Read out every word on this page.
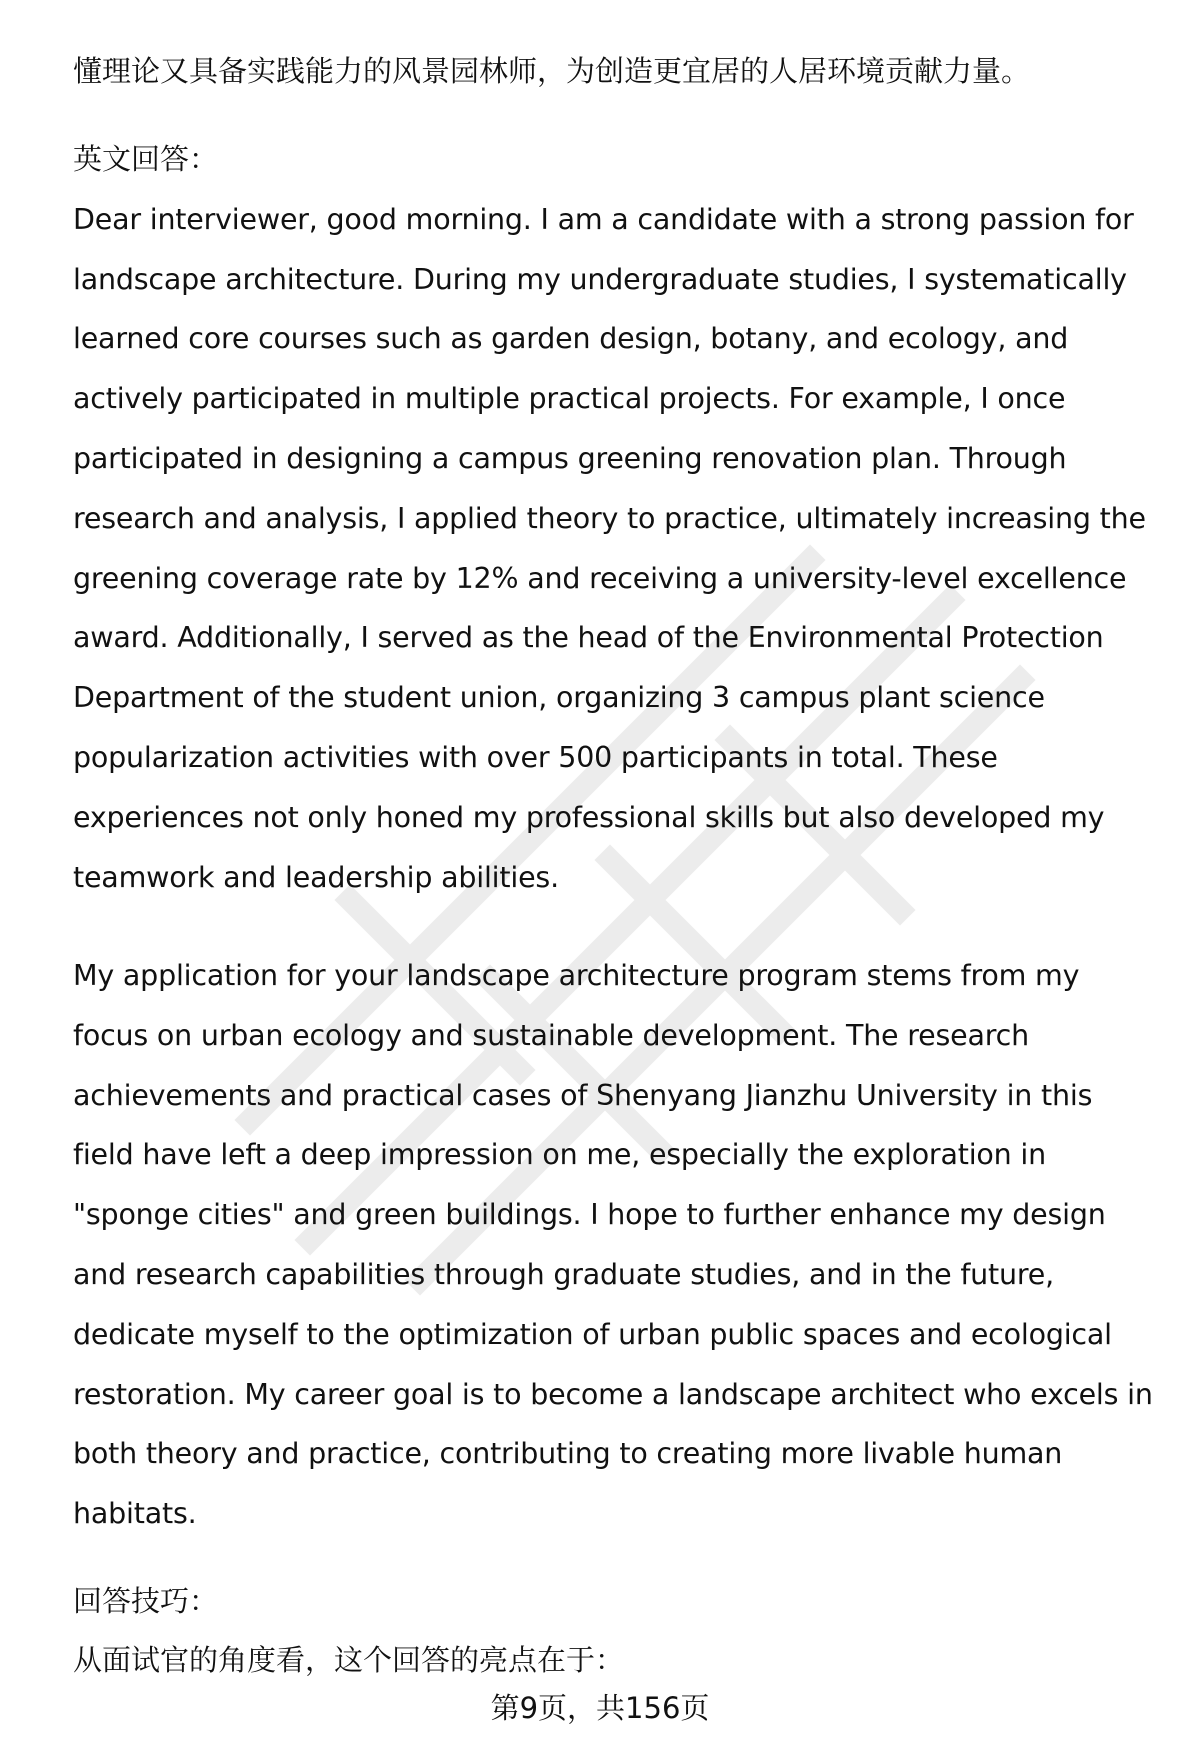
懂理论又具备实践能力的风景园林师，为创造更宜居的人居环境贡献力量。
英文回答：
Dear interviewer, good morning. I am a candidate with a strong passion for
landscape architecture. During my undergraduate studies, I systematically
learned core courses such as garden design, botany, and ecology, and
actively participated in multiple practical projects. For example, I once
participated in designing a campus greening renovation plan. Through
research and analysis, I applied theory to practice, ultimately increasing the
greening coverage rate by 12% and receiving a university-level excellence
award. Additionally, I served as the head of the Environmental Protection
Department of the student union, organizing 3 campus plant science
popularization activities with over 500 participants in total. These
experiences not only honed my professional skills but also developed my
teamwork and leadership abilities.
My application for your landscape architecture program stems from my
focus on urban ecology and sustainable development. The research
achievements and practical cases of Shenyang Jianzhu University in this
field have left a deep impression on me, especially the exploration in
"sponge cities" and green buildings. I hope to further enhance my design
and research capabilities through graduate studies, and in the future,
dedicate myself to the optimization of urban public spaces and ecological
restoration. My career goal is to become a landscape architect who excels in
both theory and practice, contributing to creating more livable human
habitats.
回答技巧：
从面试官的角度看，这个回答的亮点在于：
第9页，共156页
